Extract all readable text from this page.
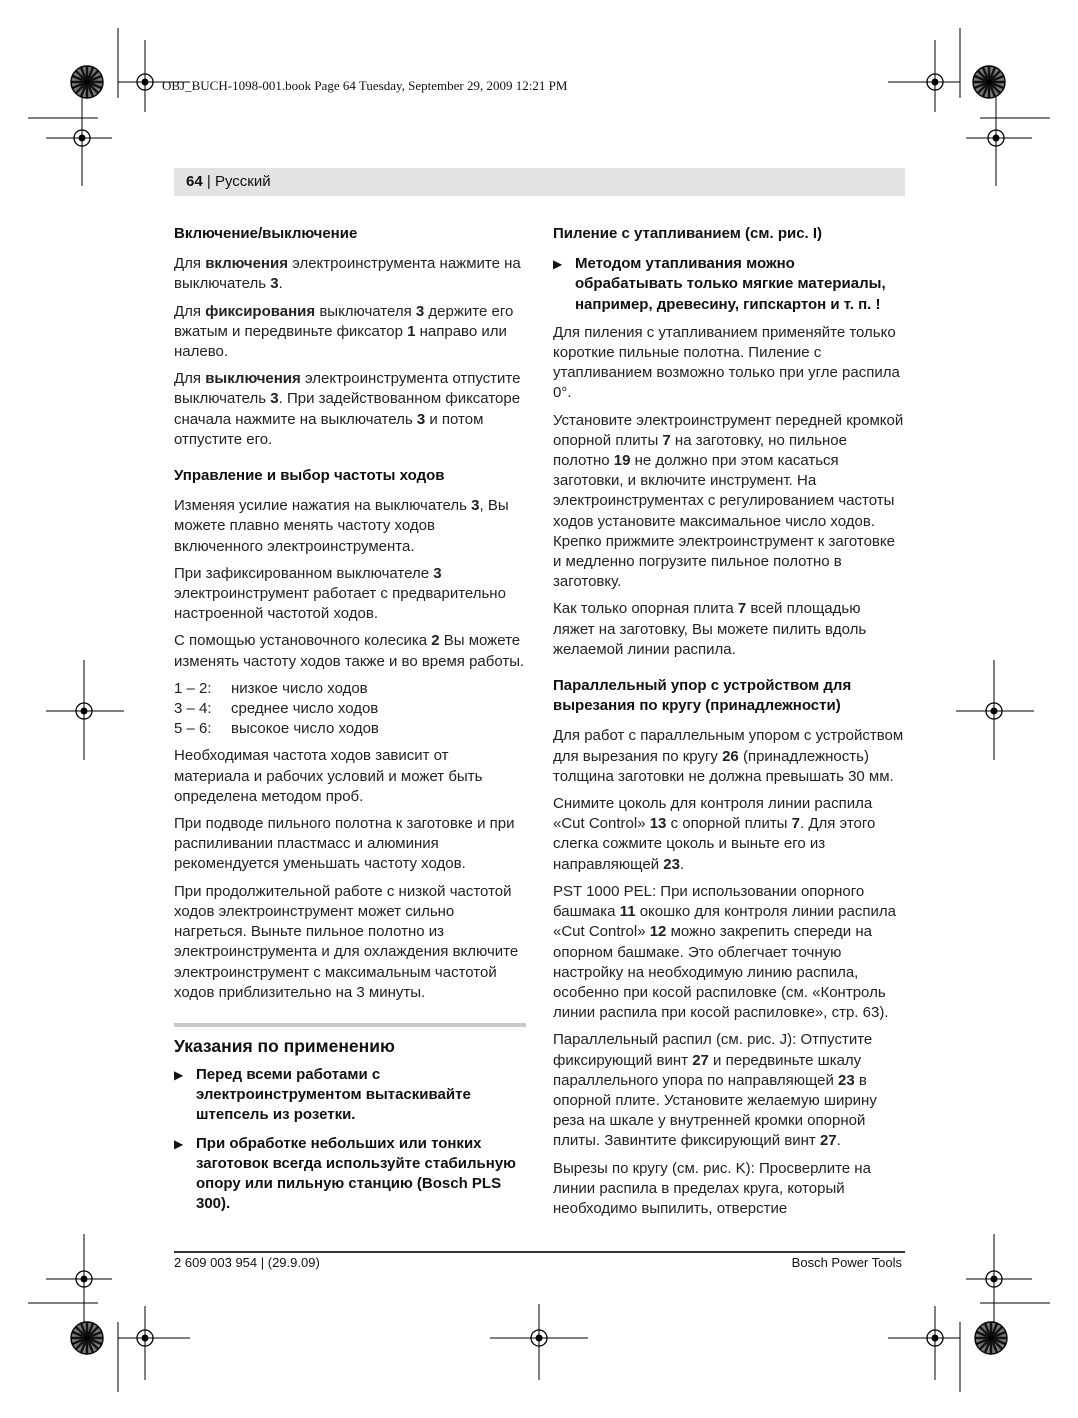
OBJ_BUCH-1098-001.book Page 64 Tuesday, September 29, 2009 12:21 PM
64 | Русский
Включение/выключение

Для включения электроинструмента нажмите на выключатель 3.

Для фиксирования выключателя 3 держите его вжатым и передвиньте фиксатор 1 направо или налево.

Для выключения электроинструмента отпустите выключатель 3. При задействованном фиксаторе сначала нажмите на выключатель 3 и потом отпустите его.

Управление и выбор частоты ходов

Изменяя усилие нажатия на выключатель 3, Вы можете плавно менять частоту ходов включенного электроинструмента.

При зафиксированном выключателе 3 электроинструмент работает с предварительно настроенной частотой ходов.

С помощью установочного колесика 2 Вы можете изменять частоту ходов также и во время работы.

1 – 2:	низкое число ходов
3 – 4:	среднее число ходов
5 – 6:	высокое число ходов

Необходимая частота ходов зависит от материала и рабочих условий и может быть определена методом проб.

При подводе пильного полотна к заготовке и при распиливании пластмасс и алюминия рекомендуется уменьшать частоту ходов.

При продолжительной работе с низкой частотой ходов электроинструмент может сильно нагреться. Выньте пильное полотно из электроинструмента и для охлаждения включите электроинструмент с максимальным частотой ходов приблизительно на 3 минуты.

Указания по применению
▶ Перед всеми работами с электроинструментом вытаскивайте штепсель из розетки.
▶ При обработке небольших или тонких заготовок всегда используйте стабильную опору или пильную станцию (Bosch PLS 300).
Пиление с утапливанием (см. рис. I)
▶ Методом утапливания можно обрабатывать только мягкие материалы, например, древесину, гипскартон и т. п. !

Для пиления с утапливанием применяйте только короткие пильные полотна. Пиление с утапливанием возможно только при угле распила 0°.

Установите электроинструмент передней кромкой опорной плиты 7 на заготовку, но пильное полотно 19 не должно при этом касаться заготовки, и включите инструмент. На электроинструментах с регулированием частоты ходов установите максимальное число ходов. Крепко прижмите электроинструмент к заготовке и медленно погрузите пильное полотно в заготовку.

Как только опорная плита 7 всей площадью ляжет на заготовку, Вы можете пилить вдоль желаемой линии распила.

Параллельный упор с устройством для вырезания по кругу (принадлежности)

Для работ с параллельным упором с устройством для вырезания по кругу 26 (принадлежность) толщина заготовки не должна превышать 30 мм.

Снимите цоколь для контроля линии распила «Cut Control» 13 с опорной плиты 7. Для этого слегка сожмите цоколь и выньте его из направляющей 23.

PST 1000 PEL: При использовании опорного башмака 11 окошко для контроля линии распила «Cut Control» 12 можно закрепить спереди на опорном башмаке. Это облегчает точную настройку на необходимую линию распила, особенно при косой распиловке (см. «Контроль линии распила при косой распиловке», стр. 63).

Параллельный распил (см. рис. J): Отпустите фиксирующий винт 27 и передвиньте шкалу параллельного упора по направляющей 23 в опорной плите. Установите желаемую ширину реза на шкале у внутренней кромки опорной плиты. Завинтите фиксирующий винт 27.

Вырезы по кругу (см. рис. K): Просверлите на линии распила в пределах круга, который необходимо выпилить, отверстие

2 609 003 954 | (29.9.09)	Bosch Power Tools
